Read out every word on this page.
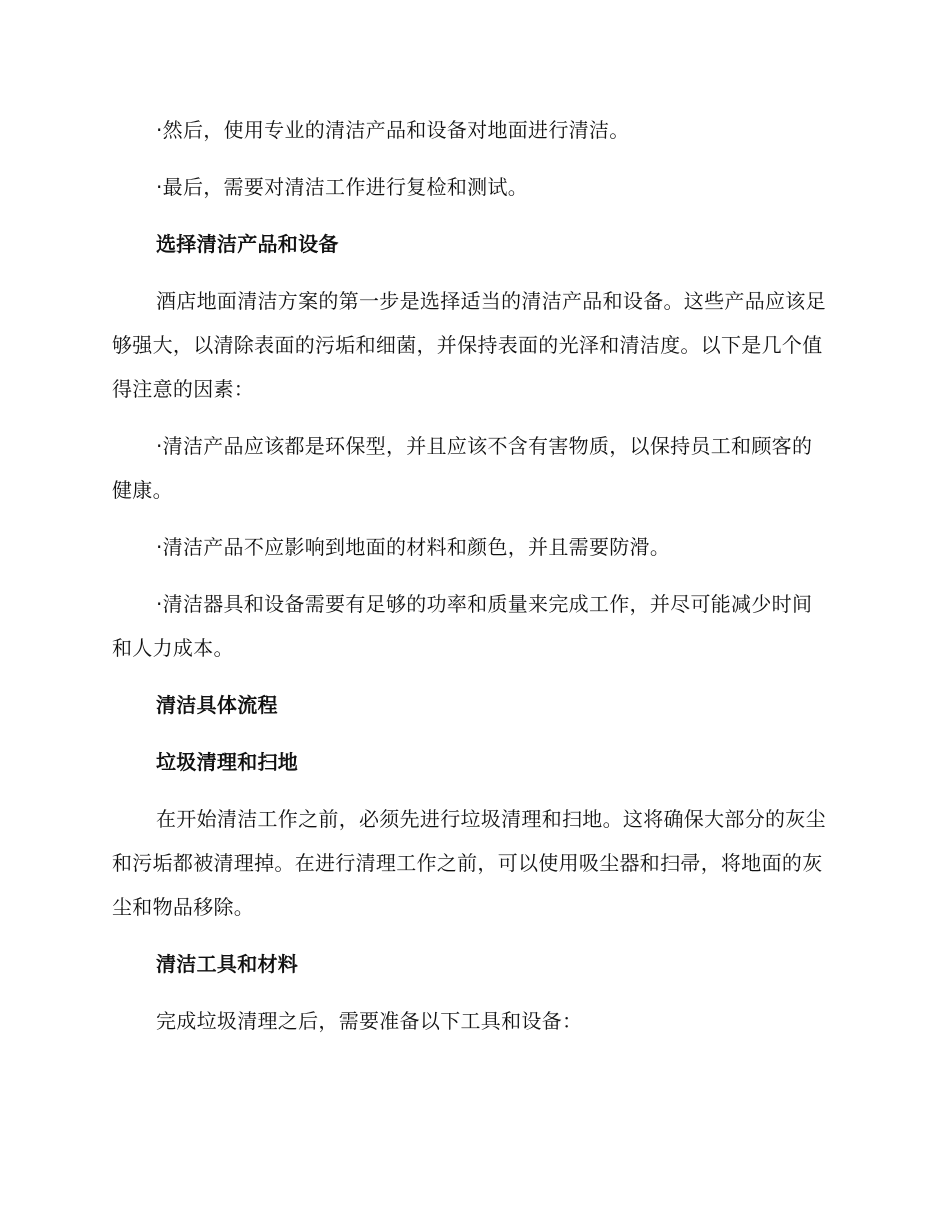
·然后，使用专业的清洁产品和设备对地面进行清洁。

·最后，需要对清洁工作进行复检和测试。

选择清洁产品和设备

酒店地面清洁方案的第一步是选择适当的清洁产品和设备。这些产品应该足够强大，以清除表面的污垢和细菌，并保持表面的光泽和清洁度。以下是几个值得注意的因素：

·清洁产品应该都是环保型，并且应该不含有害物质，以保持员工和顾客的健康。

·清洁产品不应影响到地面的材料和颜色，并且需要防滑。

·清洁器具和设备需要有足够的功率和质量来完成工作，并尽可能减少时间和人力成本。

清洁具体流程

垃圾清理和扫地

在开始清洁工作之前，必须先进行垃圾清理和扫地。这将确保大部分的灰尘和污垢都被清理掉。在进行清理工作之前，可以使用吸尘器和扫帚，将地面的灰尘和物品移除。

清洁工具和材料

完成垃圾清理之后，需要准备以下工具和设备：
